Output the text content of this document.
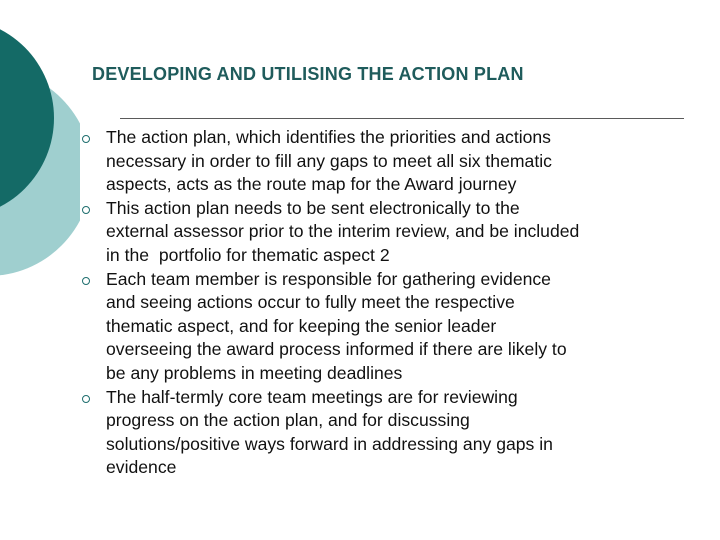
DEVELOPING AND UTILISING THE ACTION PLAN
The action plan, which identifies the priorities and actions
necessary in order to fill any gaps to meet all six thematic
aspects, acts as the route map for the Award journey
This action plan needs to be sent electronically to the
external assessor prior to the interim review, and be included
in the  portfolio for thematic aspect 2
Each team member is responsible for gathering evidence
and seeing actions occur to fully meet the respective
thematic aspect, and for keeping the senior leader
overseeing the award process informed if there are likely to
be any problems in meeting deadlines
The half-termly core team meetings are for reviewing
progress on the action plan, and for discussing
solutions/positive ways forward in addressing any gaps in
evidence
